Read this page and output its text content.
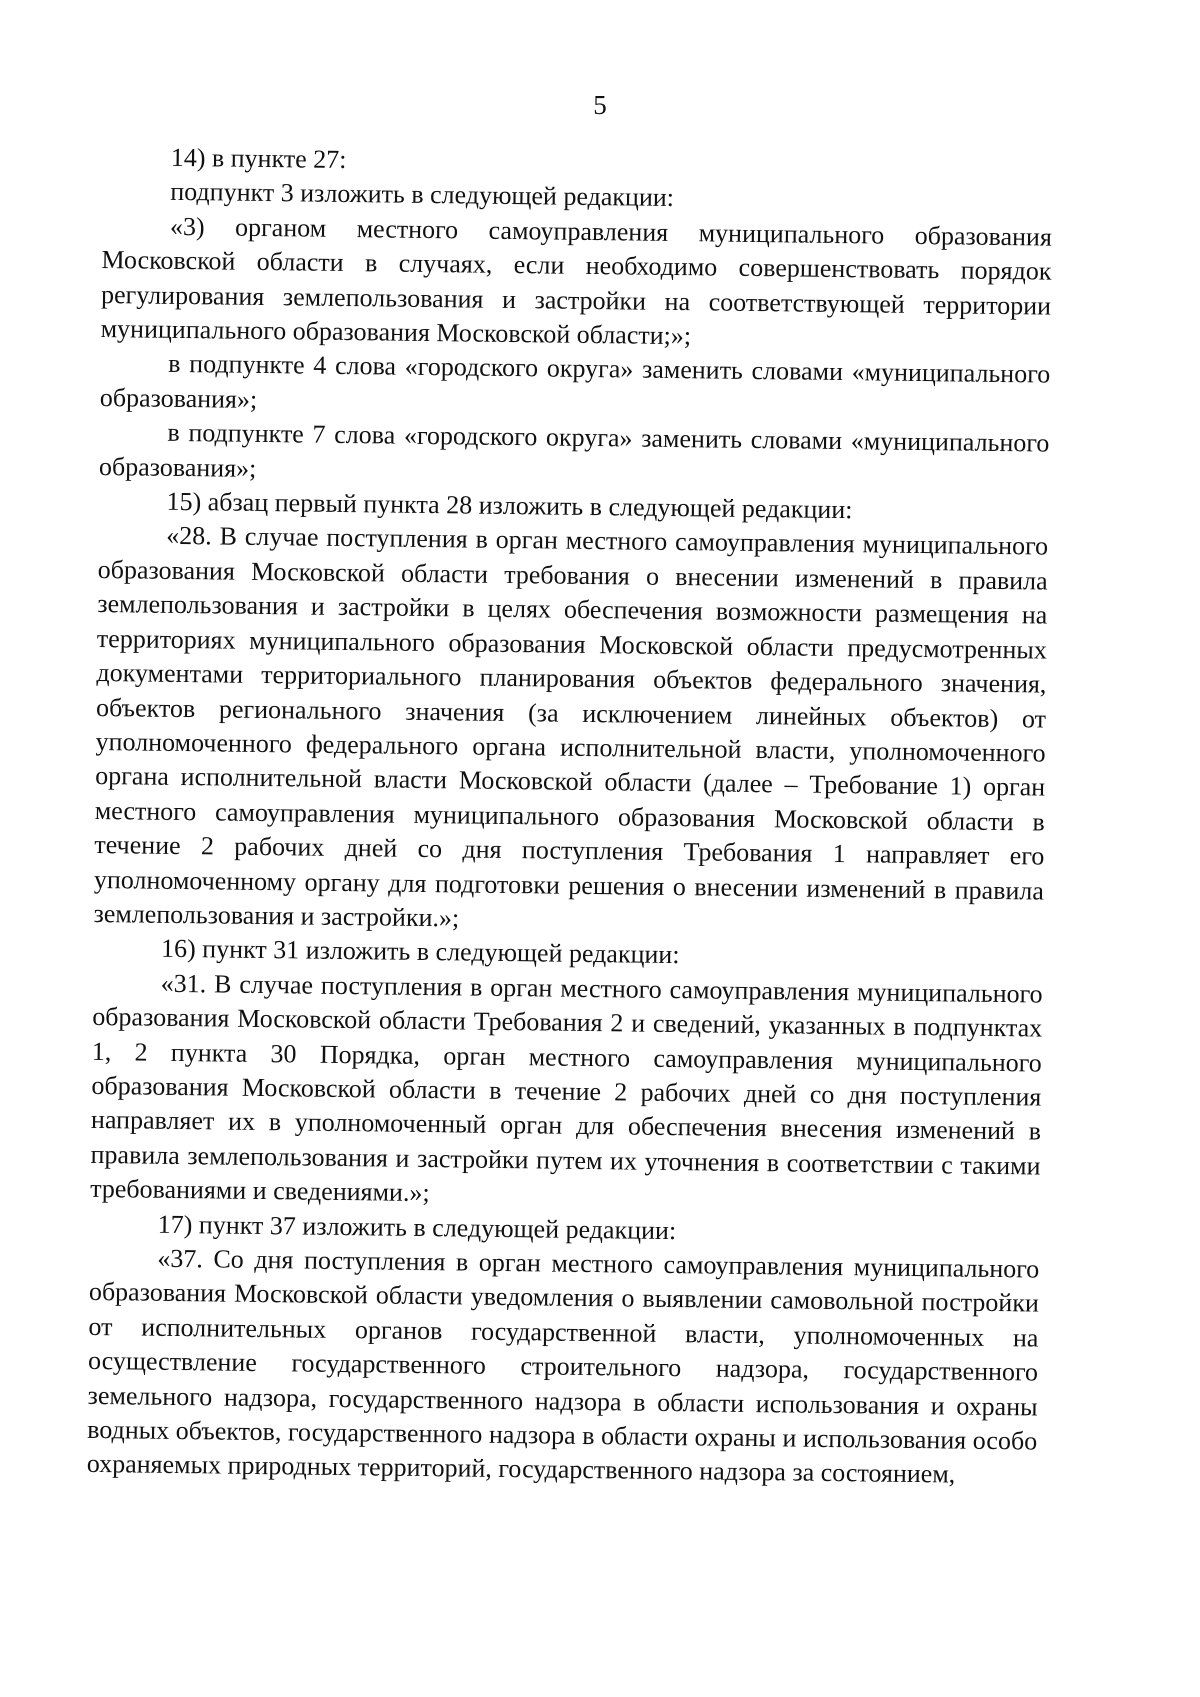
5

14) в пункте 27:

подпункт 3 изложить в следующей редакции:

«3) органом местного самоуправления муниципального образования Московской области в случаях, если необходимо совершенствовать порядок регулирования землепользования и застройки на соответствующей территории муниципального образования Московской области;»;

в подпункте 4 слова «городского округа» заменить словами «муниципального образования»;

в подпункте 7 слова «городского округа» заменить словами «муниципального образования»;

15) абзац первый пункта 28 изложить в следующей редакции:

«28. В случае поступления в орган местного самоуправления муниципального образования Московской области требования о внесении изменений в правила землепользования и застройки в целях обеспечения возможности размещения на территориях муниципального образования Московской области предусмотренных документами территориального планирования объектов федерального значения, объектов регионального значения (за исключением линейных объектов) от уполномоченного федерального органа исполнительной власти, уполномоченного органа исполнительной власти Московской области (далее – Требование 1) орган местного самоуправления муниципального образования Московской области в течение 2 рабочих дней со дня поступления Требования 1 направляет его уполномоченному органу для подготовки решения о внесении изменений в правила землепользования и застройки.»;

16) пункт 31 изложить в следующей редакции:

«31. В случае поступления в орган местного самоуправления муниципального образования Московской области Требования 2 и сведений, указанных в подпунктах 1, 2 пункта 30 Порядка, орган местного самоуправления муниципального образования Московской области в течение 2 рабочих дней со дня поступления направляет их в уполномоченный орган для обеспечения внесения изменений в правила землепользования и застройки путем их уточнения в соответствии с такими требованиями и сведениями.»;

17) пункт 37 изложить в следующей редакции:

«37. Со дня поступления в орган местного самоуправления муниципального образования Московской области уведомления о выявлении самовольной постройки от исполнительных органов государственной власти, уполномоченных на осуществление государственного строительного надзора, государственного земельного надзора, государственного надзора в области использования и охраны водных объектов, государственного надзора в области охраны и использования особо охраняемых природных территорий, государственного надзора за состоянием,
